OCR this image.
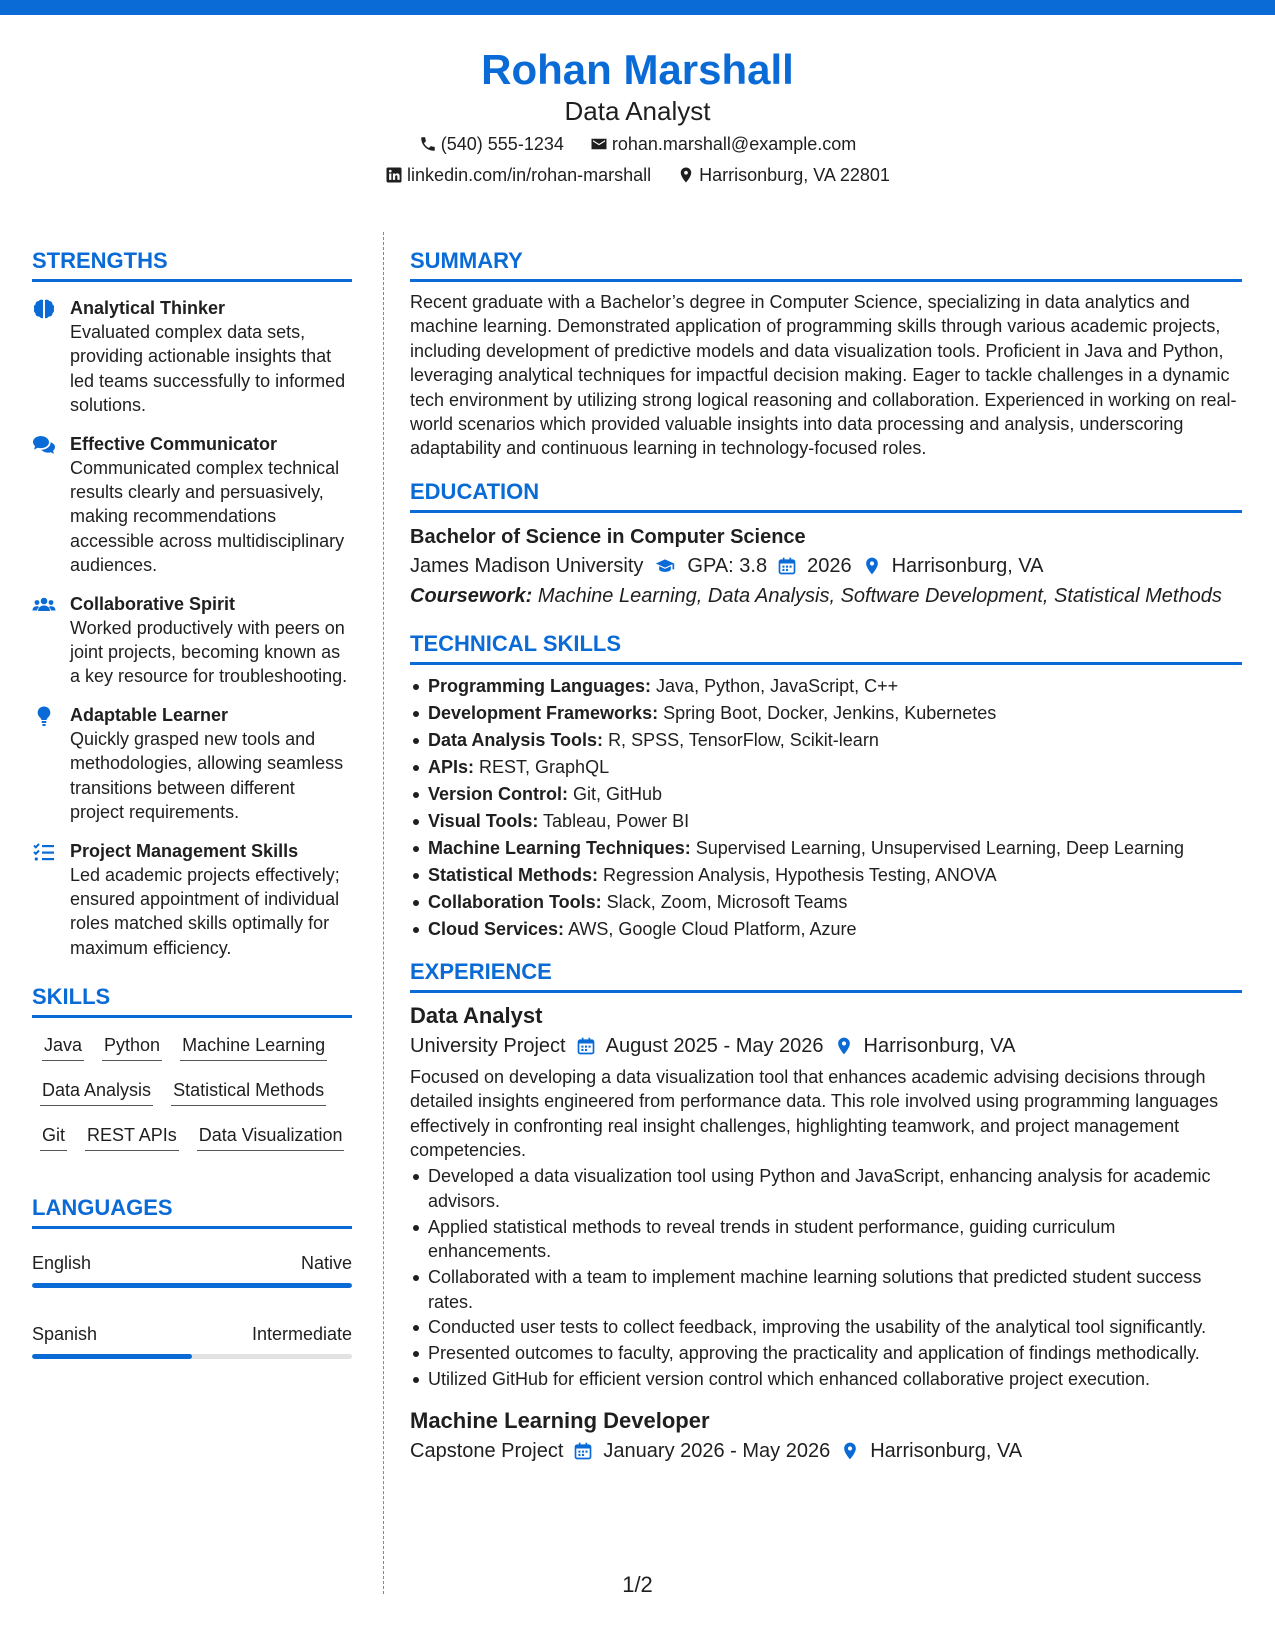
Rohan Marshall
Data Analyst
(540) 555-1234	rohan.marshall@example.com
linkedin.com/in/rohan-marshall	Harrisonburg, VA 22801
STRENGTHS
Analytical Thinker
Evaluated complex data sets, providing actionable insights that led teams successfully to informed solutions.
Effective Communicator
Communicated complex technical results clearly and persuasively, making recommendations accessible across multidisciplinary audiences.
Collaborative Spirit
Worked productively with peers on joint projects, becoming known as a key resource for troubleshooting.
Adaptable Learner
Quickly grasped new tools and methodologies, allowing seamless transitions between different project requirements.
Project Management Skills
Led academic projects effectively; ensured appointment of individual roles matched skills optimally for maximum efficiency.
SKILLS
Java Python Machine Learning
Data Analysis Statistical Methods
Git REST APIs Data Visualization
LANGUAGES
English	Native
Spanish	Intermediate
SUMMARY
Recent graduate with a Bachelor’s degree in Computer Science, specializing in data analytics and machine learning. Demonstrated application of programming skills through various academic projects, including development of predictive models and data visualization tools. Proficient in Java and Python, leveraging analytical techniques for impactful decision making. Eager to tackle challenges in a dynamic tech environment by utilizing strong logical reasoning and collaboration. Experienced in working on real-world scenarios which provided valuable insights into data processing and analysis, underscoring adaptability and continuous learning in technology-focused roles.
EDUCATION
Bachelor of Science in Computer Science
James Madison University GPA: 3.8 2026 Harrisonburg, VA
Coursework: Machine Learning, Data Analysis, Software Development, Statistical Methods
TECHNICAL SKILLS
Programming Languages: Java, Python, JavaScript, C++
Development Frameworks: Spring Boot, Docker, Jenkins, Kubernetes
Data Analysis Tools: R, SPSS, TensorFlow, Scikit-learn
APIs: REST, GraphQL
Version Control: Git, GitHub
Visual Tools: Tableau, Power BI
Machine Learning Techniques: Supervised Learning, Unsupervised Learning, Deep Learning
Statistical Methods: Regression Analysis, Hypothesis Testing, ANOVA
Collaboration Tools: Slack, Zoom, Microsoft Teams
Cloud Services: AWS, Google Cloud Platform, Azure
EXPERIENCE
Data Analyst
University Project August 2025 - May 2026 Harrisonburg, VA
Focused on developing a data visualization tool that enhances academic advising decisions through detailed insights engineered from performance data. This role involved using programming languages effectively in confronting real insight challenges, highlighting teamwork, and project management competencies.
Developed a data visualization tool using Python and JavaScript, enhancing analysis for academic advisors.
Applied statistical methods to reveal trends in student performance, guiding curriculum enhancements.
Collaborated with a team to implement machine learning solutions that predicted student success rates.
Conducted user tests to collect feedback, improving the usability of the analytical tool significantly.
Presented outcomes to faculty, approving the practicality and application of findings methodically.
Utilized GitHub for efficient version control which enhanced collaborative project execution.
Machine Learning Developer
Capstone Project January 2026 - May 2026 Harrisonburg, VA
1/2
